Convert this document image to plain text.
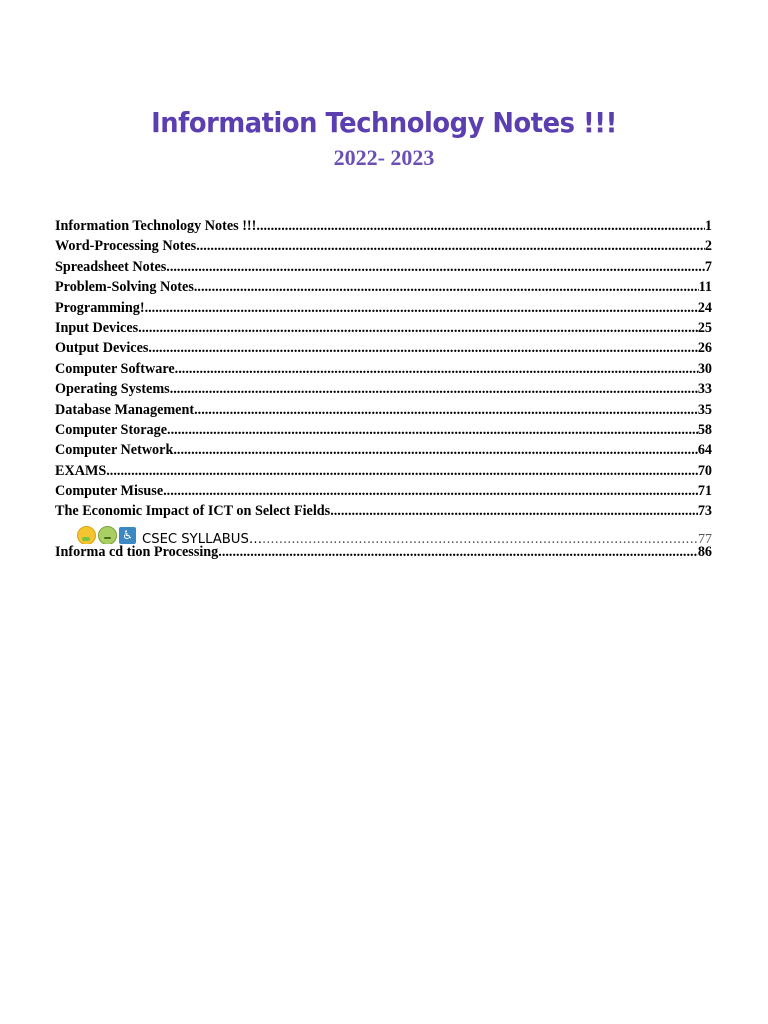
Information Technology Notes !!!
2022- 2023
Information Technology Notes !!! .....	1
Word-Processing Notes .....	2
Spreadsheet Notes .....	7
Problem-Solving Notes .....	11
Programming! .....	24
Input Devices .....	25
Output Devices .....	26
Computer Software .....	30
Operating Systems .....	33
Database Management .....	35
Computer Storage .....	58
Computer Network .....	64
EXAMS .....	70
Computer Misuse .....	71
The Economic Impact of ICT on Select Fields .....	73
♿ CSEC SYLLABUS… .....	77
Informa cd tion Processing .....	86
